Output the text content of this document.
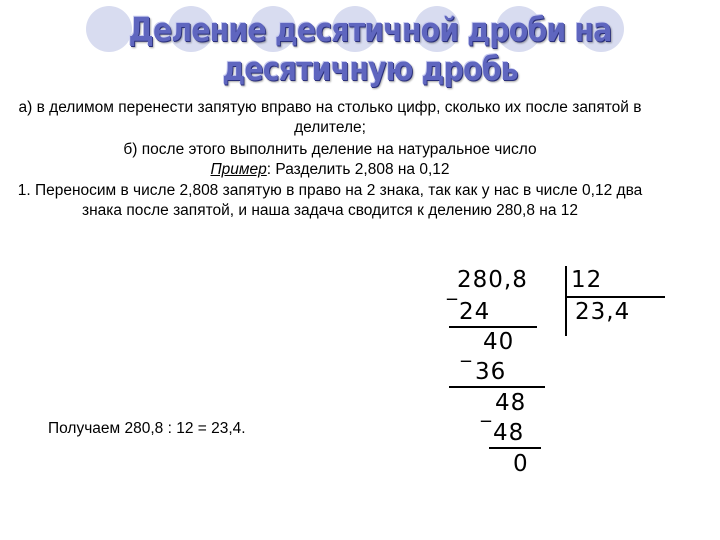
Деление десятичной дроби на десятичную дробь
а) в делимом перенести запятую вправо на столько цифр, сколько их после запятой в делителе;
б) после этого выполнить деление на натуральное число
Пример: Разделить 2,808 на 0,12
1. Переносим в числе 2,808 запятую в право на 2 знака, так как у нас в числе 0,12 два знака после запятой, и наша задача сводится к делению 280,8 на 12
_ 280,8 12
23,4
24
40
_
36
_ 48
48
0
Получаем 280,8 : 12 = 23,4.
